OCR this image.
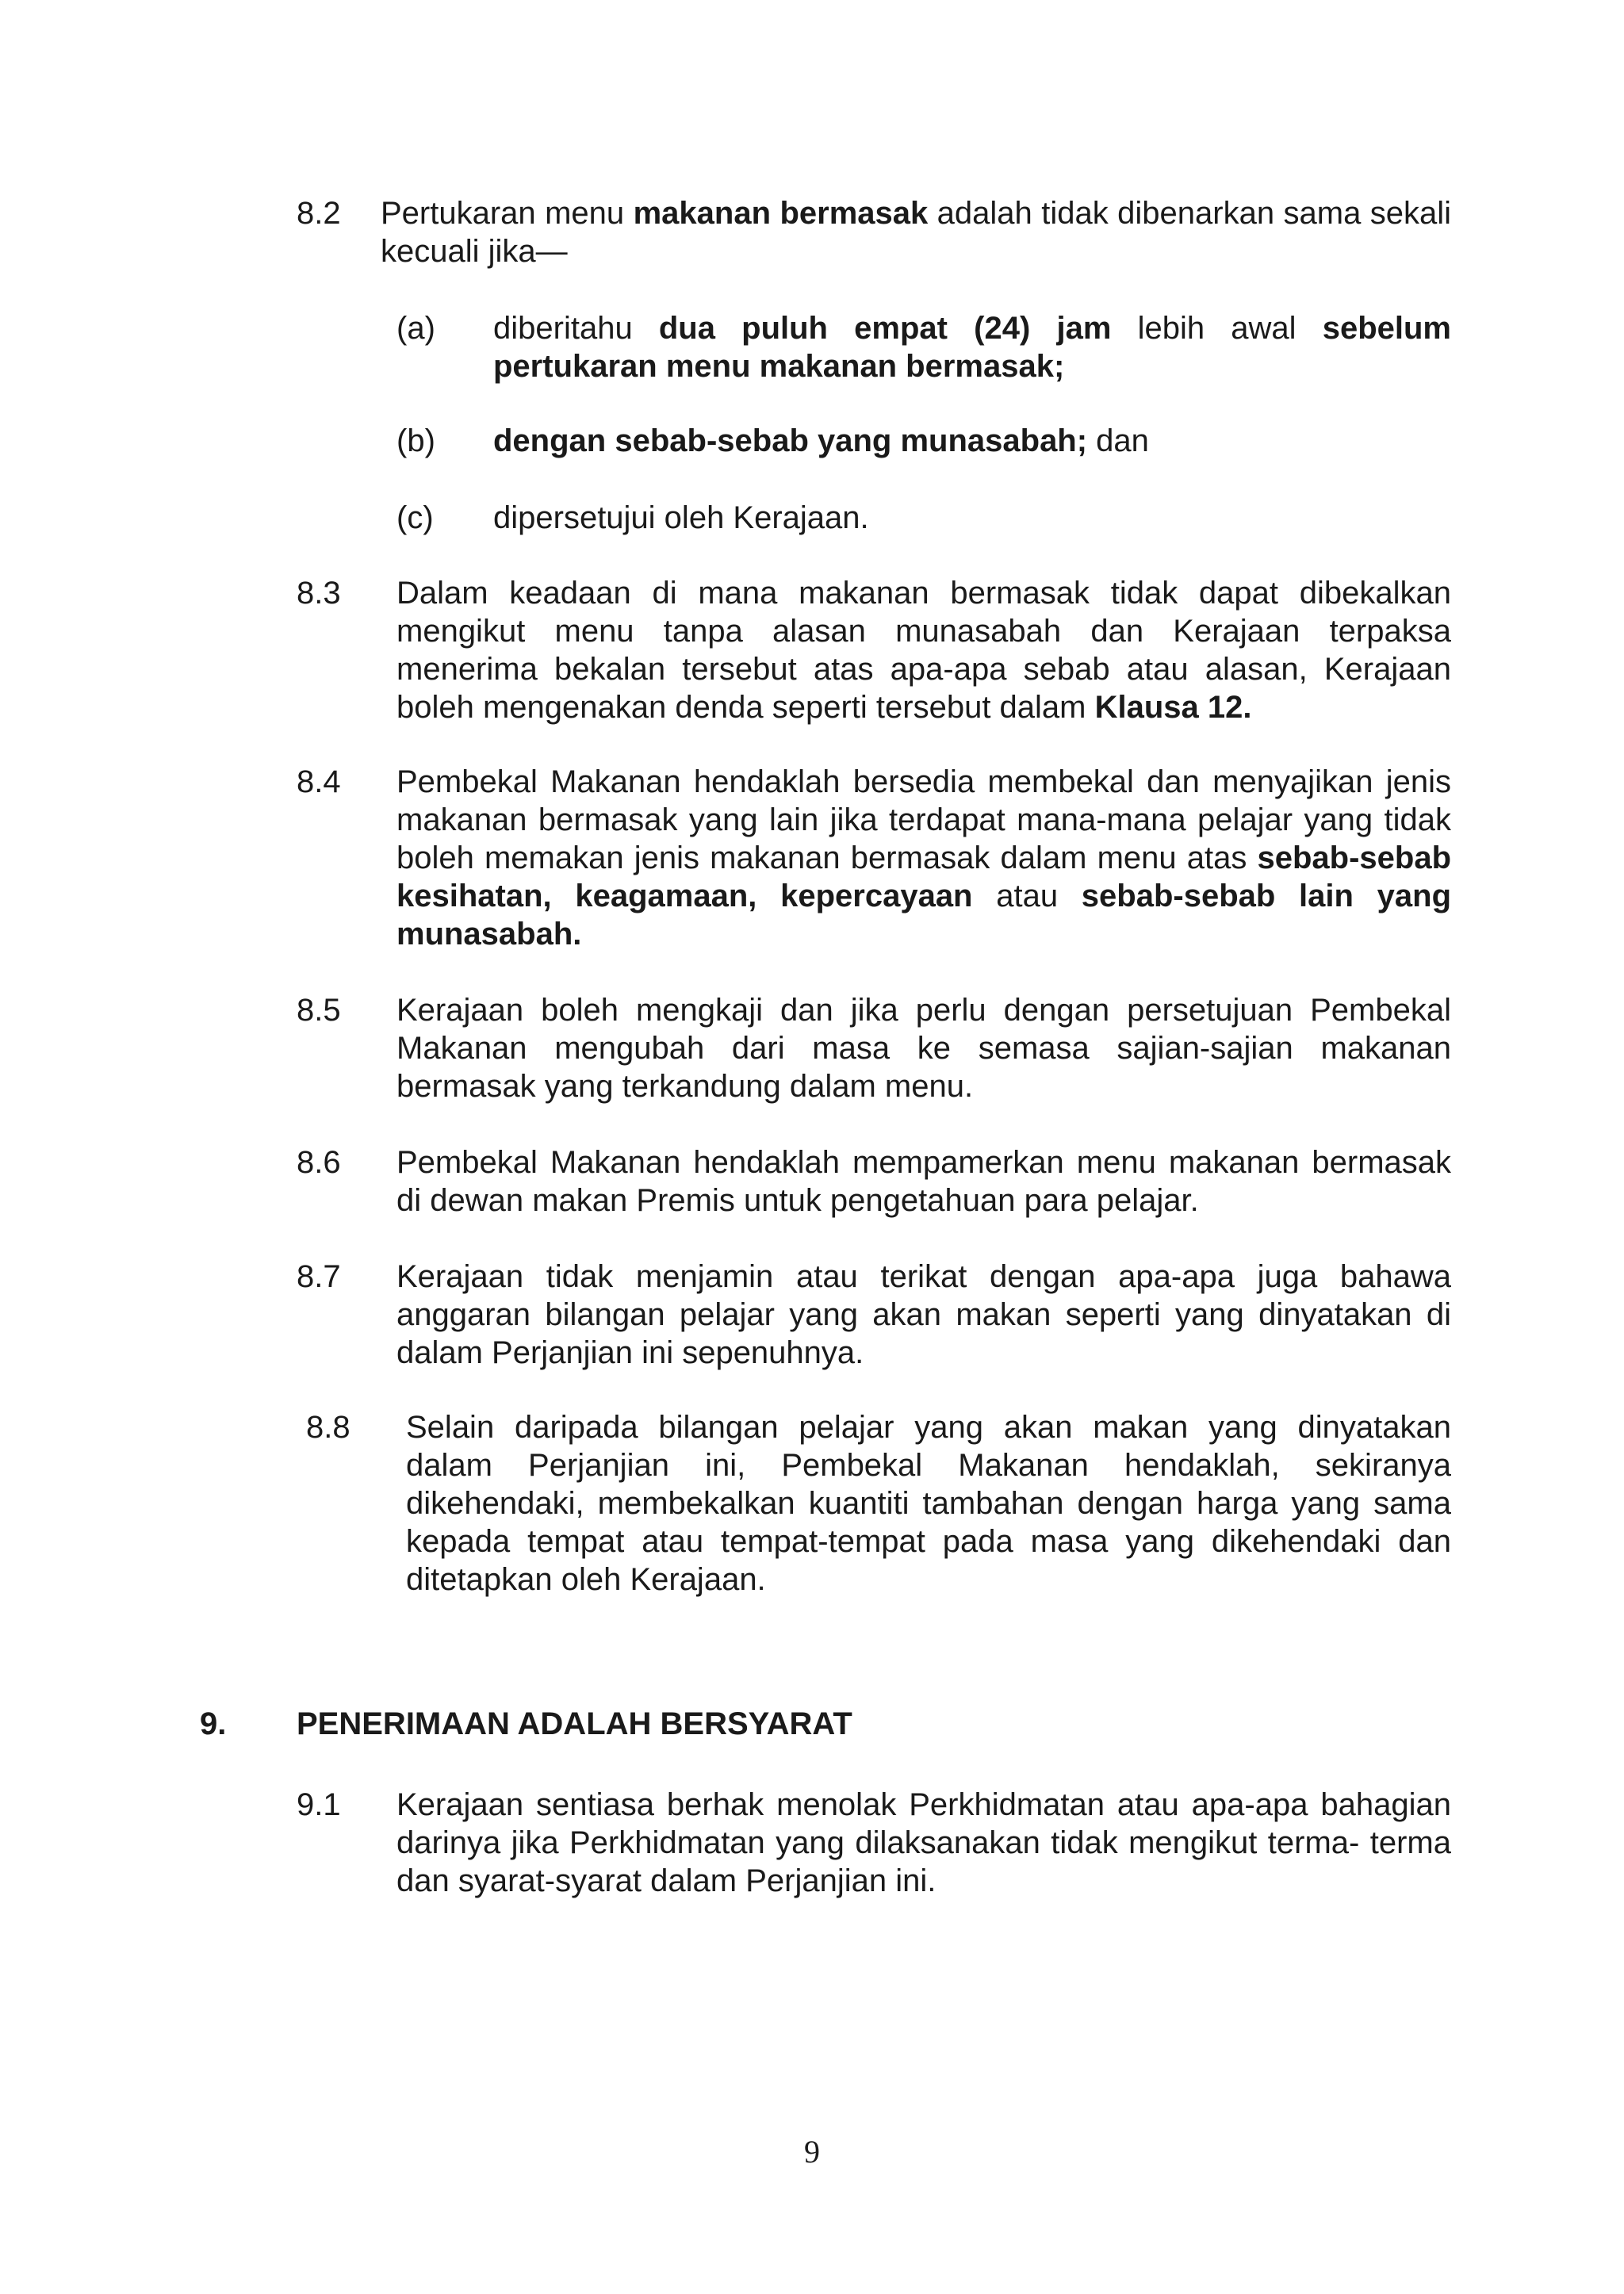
8.2 Pertukaran menu makanan bermasak adalah tidak dibenarkan sama sekali kecuali jika—
(a) diberitahu dua puluh empat (24) jam lebih awal sebelum pertukaran menu makanan bermasak;
(b) dengan sebab-sebab yang munasabah; dan
(c) dipersetujui oleh Kerajaan.
8.3 Dalam keadaan di mana makanan bermasak tidak dapat dibekalkan mengikut menu tanpa alasan munasabah dan Kerajaan terpaksa menerima bekalan tersebut atas apa-apa sebab atau alasan, Kerajaan boleh mengenakan denda seperti tersebut dalam Klausa 12.
8.4 Pembekal Makanan hendaklah bersedia membekal dan menyajikan jenis makanan bermasak yang lain jika terdapat mana-mana pelajar yang tidak boleh memakan jenis makanan bermasak dalam menu atas sebab-sebab kesihatan, keagamaan, kepercayaan atau sebab-sebab lain yang munasabah.
8.5 Kerajaan boleh mengkaji dan jika perlu dengan persetujuan Pembekal Makanan mengubah dari masa ke semasa sajian-sajian makanan bermasak yang terkandung dalam menu.
8.6 Pembekal Makanan hendaklah mempamerkan menu makanan bermasak di dewan makan Premis untuk pengetahuan para pelajar.
8.7 Kerajaan tidak menjamin atau terikat dengan apa-apa juga bahawa anggaran bilangan pelajar yang akan makan seperti yang dinyatakan di dalam Perjanjian ini sepenuhnya.
8.8 Selain daripada bilangan pelajar yang akan makan yang dinyatakan dalam Perjanjian ini, Pembekal Makanan hendaklah, sekiranya dikehendaki, membekalkan kuantiti tambahan dengan harga yang sama kepada tempat atau tempat-tempat pada masa yang dikehendaki dan ditetapkan oleh Kerajaan.
9. PENERIMAAN ADALAH BERSYARAT
9.1 Kerajaan sentiasa berhak menolak Perkhidmatan atau apa-apa bahagian darinya jika Perkhidmatan yang dilaksanakan tidak mengikut terma- terma dan syarat-syarat dalam Perjanjian ini.
9
